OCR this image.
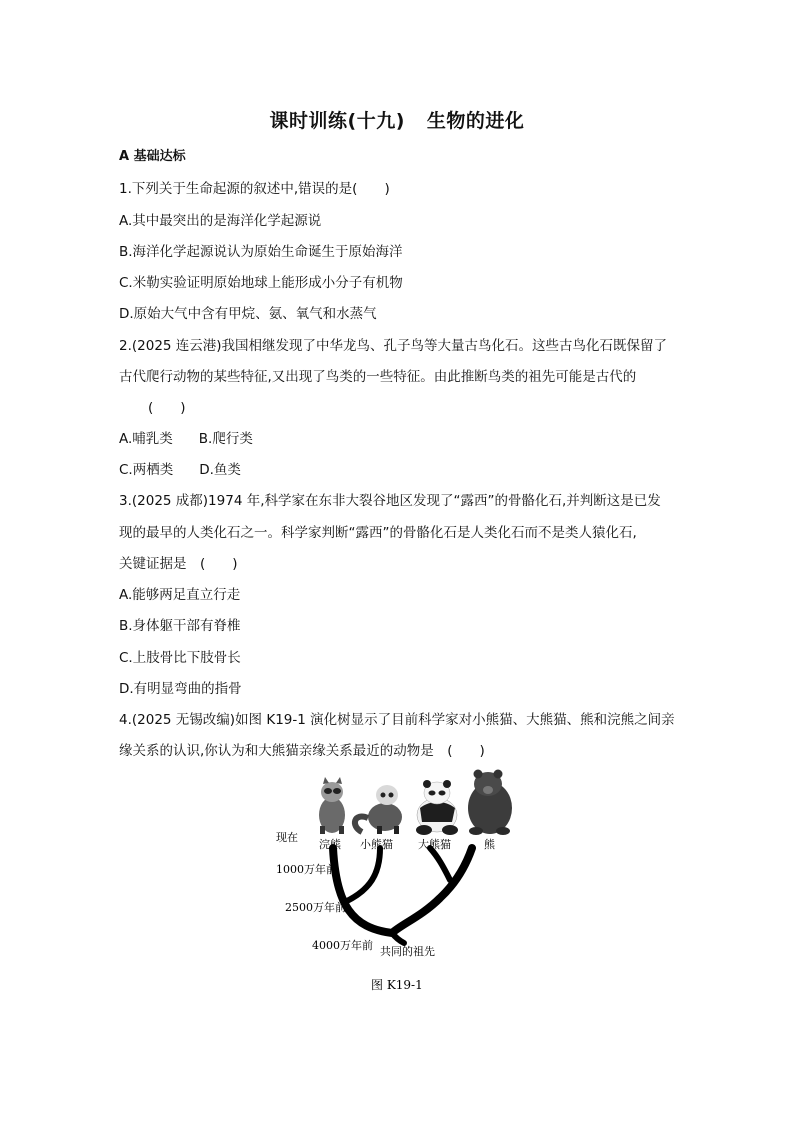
课时训练(十九) 生物的进化
A 基础达标
1.下列关于生命起源的叙述中,错误的是(　　)
A.其中最突出的是海洋化学起源说
B.海洋化学起源说认为原始生命诞生于原始海洋
C.米勒实验证明原始地球上能形成小分子有机物
D.原始大气中含有甲烷、氨、氧气和水蒸气
2.(2025 连云港)我国相继发现了中华龙鸟、孔子鸟等大量古鸟化石。这些古鸟化石既保留了
古代爬行动物的某些特征,又出现了鸟类的一些特征。由此推断鸟类的祖先可能是古代的
(　　)
A.哺乳类 B.爬行类
C.两栖类 D.鱼类
3.(2025 成都)1974 年,科学家在东非大裂谷地区发现了“露西”的骨骼化石,并判断这是已发
现的最早的人类化石之一。科学家判断“露西”的骨骼化石是人类化石而不是类人猿化石,
关键证据是　(　　)
A.能够两足直立行走
B.身体躯干部有脊椎
C.上肢骨比下肢骨长
D.有明显弯曲的指骨
4.(2025 无锡改编)如图 K19-1 演化树显示了目前科学家对小熊猫、大熊猫、熊和浣熊之间亲
缘关系的认识,你认为和大熊猫亲缘关系最近的动物是　(　　)
现在
浣熊 小熊猫 大熊猫	熊
1000万年前
2500万年前
4000万年前 共同的祖先
图 K19-1
